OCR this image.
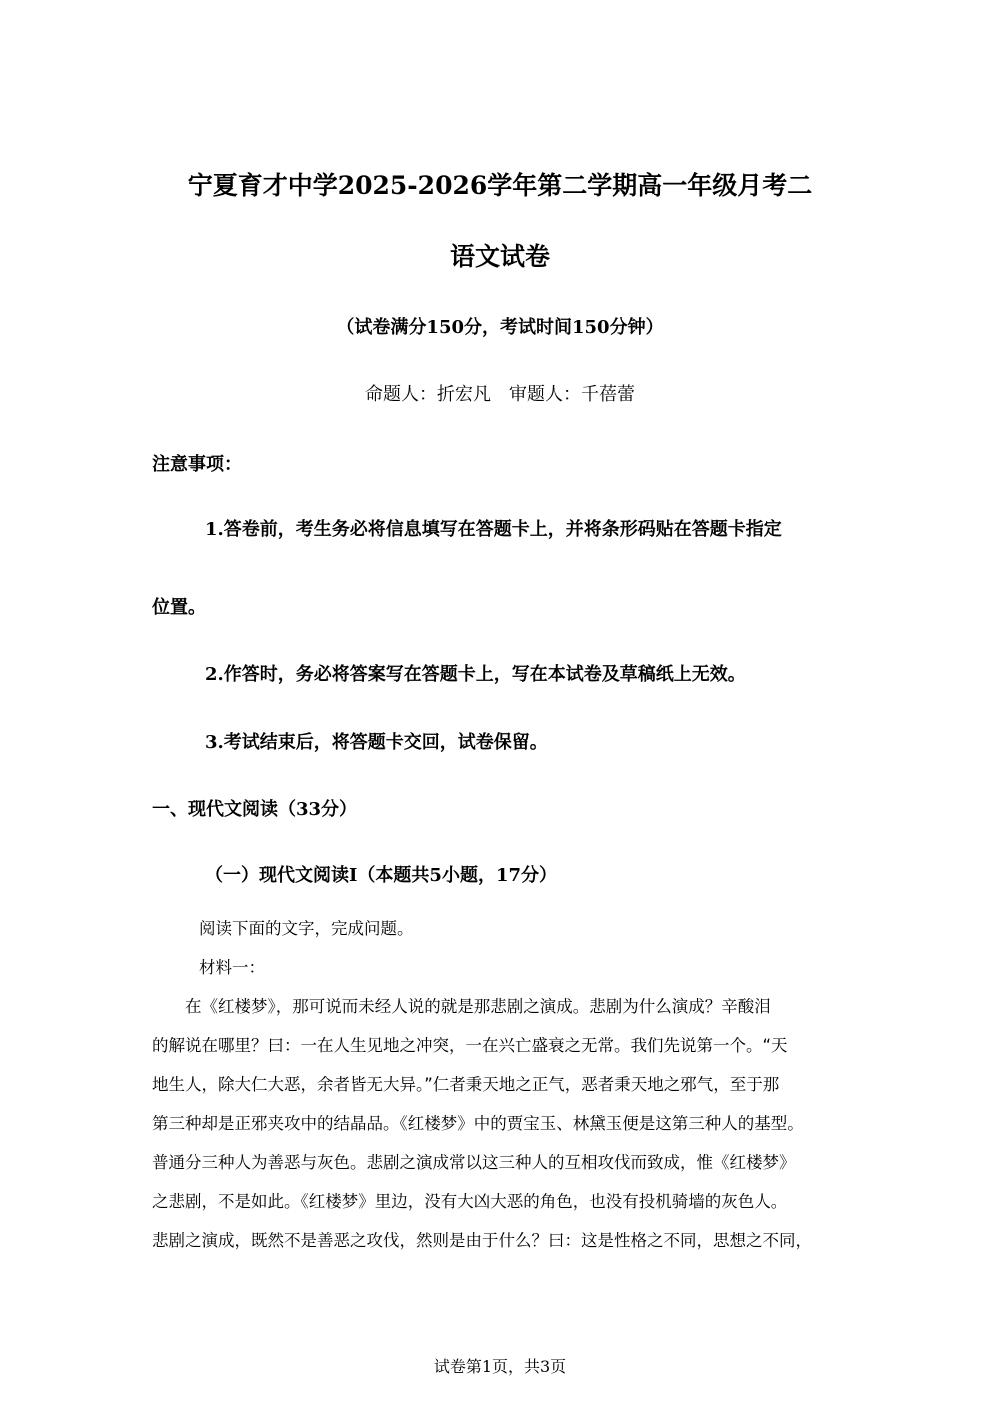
宁夏育才中学2025-2026学年第二学期高一年级月考二
语文试卷
（试卷满分150分，考试时间150分钟）
命题人：折宏凡　审题人：千蓓蕾
注意事项：
1.答卷前，考生务必将信息填写在答题卡上，并将条形码贴在答题卡指定
位置。
2.作答时，务必将答案写在答题卡上，写在本试卷及草稿纸上无效。
3.考试结束后，将答题卡交回，试卷保留。
一、现代文阅读（33分）
（一）现代文阅读I（本题共5小题，17分）
阅读下面的文字，完成问题。
材料一：
　　在《红楼梦》，那可说而未经人说的就是那悲剧之演成。悲剧为什么演成？辛酸泪
的解说在哪里？曰：一在人生见地之冲突，一在兴亡盛衰之无常。我们先说第一个。“天
地生人，除大仁大恶，余者皆无大异。”仁者秉天地之正气，恶者秉天地之邪气，至于那
第三种却是正邪夹攻中的结晶品。《红楼梦》中的贾宝玉、林黛玉便是这第三种人的基型。
普通分三种人为善恶与灰色。悲剧之演成常以这三种人的互相攻伐而致成，惟《红楼梦》
之悲剧，不是如此。《红楼梦》里边，没有大凶大恶的角色，也没有投机骑墙的灰色人。
悲剧之演成，既然不是善恶之攻伐，然则是由于什么？曰：这是性格之不同，思想之不同，
试卷第1页，共3页
